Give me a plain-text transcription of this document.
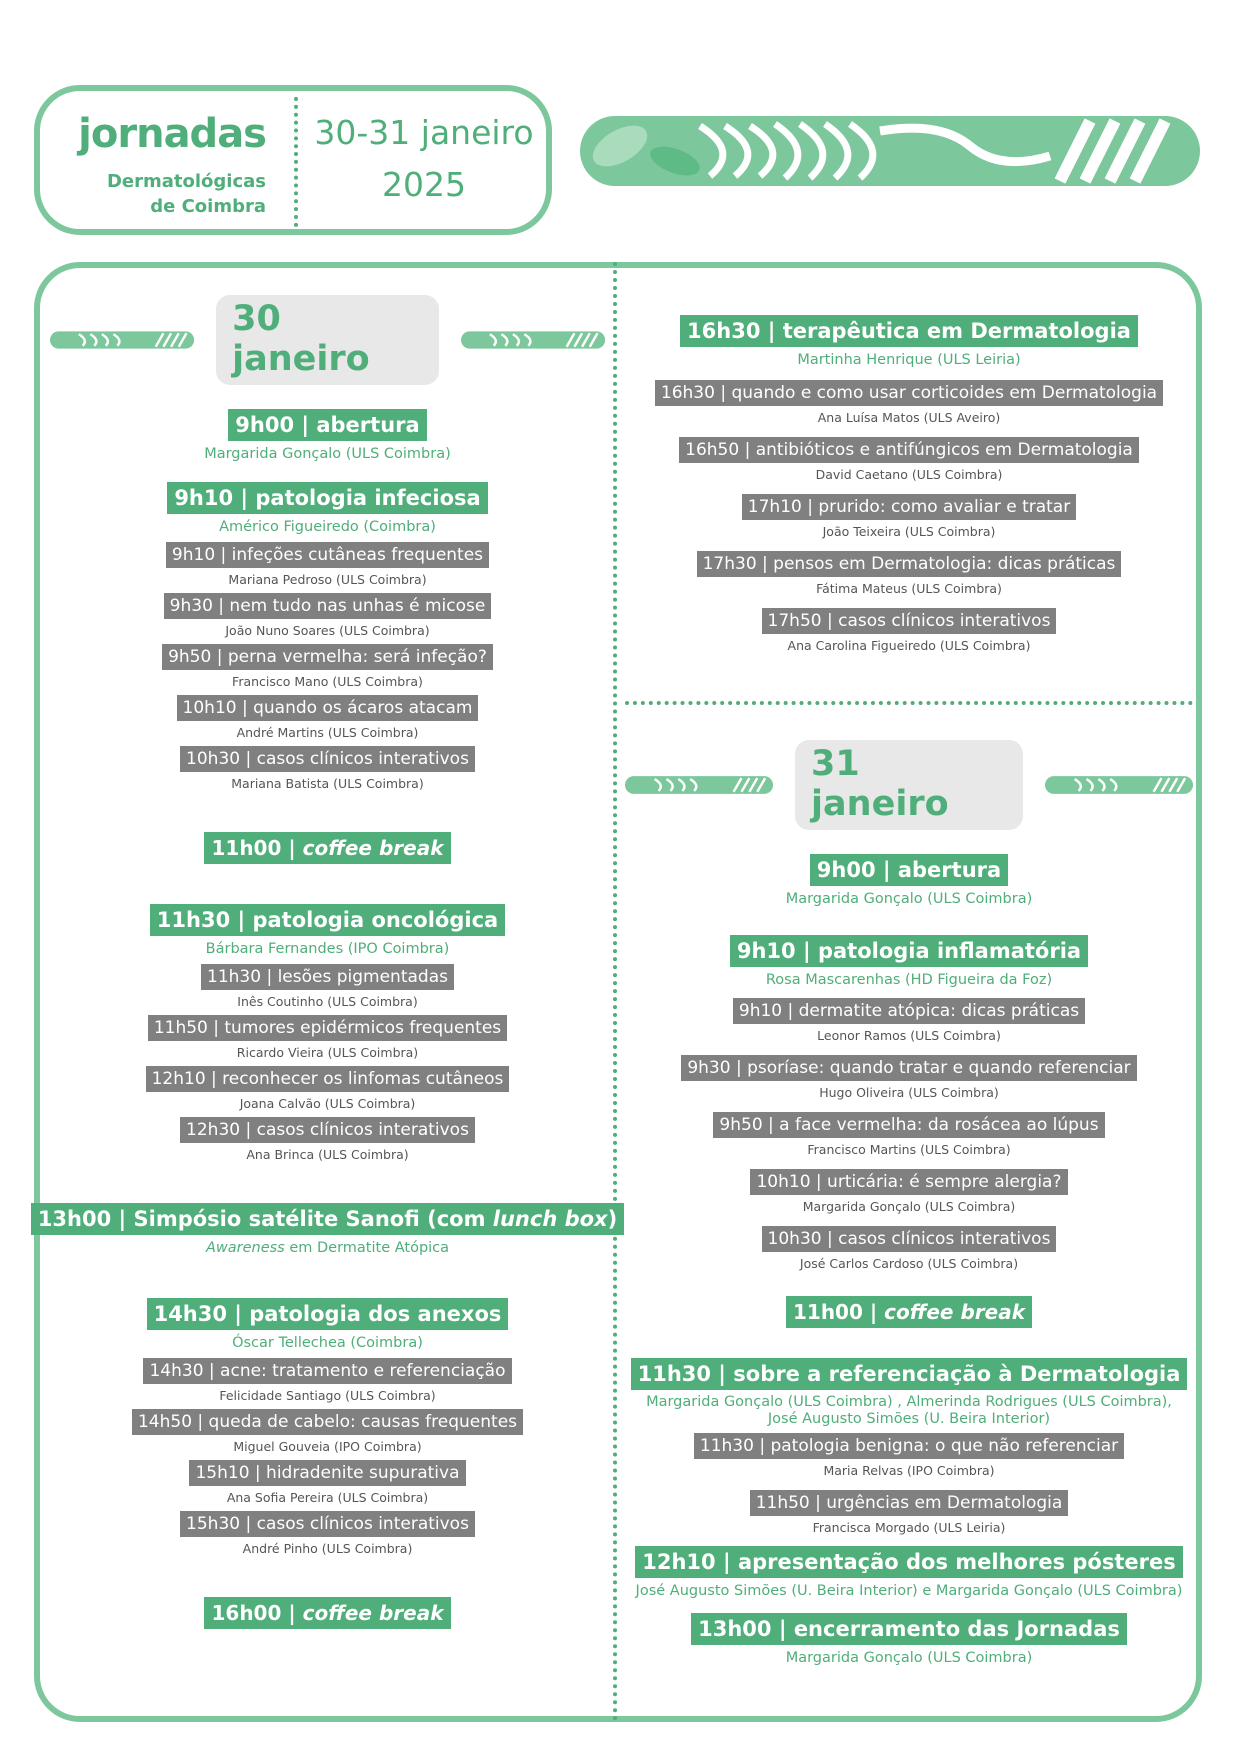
jornadas
Dermatológicas
de Coimbra
30-31 janeiro
2025
30 janeiro
9h00 | abertura
Margarida Gonçalo (ULS Coimbra)
9h10 | patologia infeciosa
Américo Figueiredo (Coimbra)
9h10 | infeções cutâneas frequentes
Mariana Pedroso (ULS Coimbra)
9h30 | nem tudo nas unhas é micose
João Nuno Soares (ULS Coimbra)
9h50 | perna vermelha: será infeção?
Francisco Mano (ULS Coimbra)
10h10 | quando os ácaros atacam
André Martins (ULS Coimbra)
10h30 | casos clínicos interativos
Mariana Batista (ULS Coimbra)
11h00 | coffee break
11h30 | patologia oncológica
Bárbara Fernandes (IPO Coimbra)
11h30 | lesões pigmentadas
Inês Coutinho (ULS Coimbra)
11h50 | tumores epidérmicos frequentes
Ricardo Vieira (ULS Coimbra)
12h10 | reconhecer os linfomas cutâneos
Joana Calvão (ULS Coimbra)
12h30 | casos clínicos interativos
Ana Brinca (ULS Coimbra)
13h00 | Simpósio satélite Sanofi (com lunch box)
Awareness em Dermatite Atópica
14h30 | patologia dos anexos
Óscar Tellechea (Coimbra)
14h30 | acne: tratamento e referenciação
Felicidade Santiago (ULS Coimbra)
14h50 | queda de cabelo: causas frequentes
Miguel Gouveia (IPO Coimbra)
15h10 | hidradenite supurativa
Ana Sofia Pereira (ULS Coimbra)
15h30 | casos clínicos interativos
André Pinho (ULS Coimbra)
16h00 | coffee break
16h30 | terapêutica em Dermatologia
Martinha Henrique (ULS Leiria)
16h30 | quando e como usar corticoides em Dermatologia
Ana Luísa Matos (ULS Aveiro)
16h50 | antibióticos e antifúngicos em Dermatologia
David Caetano (ULS Coimbra)
17h10 | prurido: como avaliar e tratar
João Teixeira (ULS Coimbra)
17h30 | pensos em Dermatologia: dicas práticas
Fátima Mateus (ULS Coimbra)
17h50 | casos clínicos interativos
Ana Carolina Figueiredo (ULS Coimbra)
31 janeiro
9h00 | abertura
Margarida Gonçalo (ULS Coimbra)
9h10 | patologia inflamatória
Rosa Mascarenhas (HD Figueira da Foz)
9h10 | dermatite atópica: dicas práticas
Leonor Ramos (ULS Coimbra)
9h30 | psoríase: quando tratar e quando referenciar
Hugo Oliveira (ULS Coimbra)
9h50 | a face vermelha: da rosácea ao lúpus
Francisco Martins (ULS Coimbra)
10h10 | urticária: é sempre alergia?
Margarida Gonçalo (ULS Coimbra)
10h30 | casos clínicos interativos
José Carlos Cardoso (ULS Coimbra)
11h00 | coffee break
11h30 | sobre a referenciação à Dermatologia
Margarida Gonçalo (ULS Coimbra) , Almerinda Rodrigues (ULS Coimbra),
José Augusto Simões (U. Beira Interior)
11h30 | patologia benigna: o que não referenciar
Maria Relvas (IPO Coimbra)
11h50 | urgências em Dermatologia
Francisca Morgado (ULS Leiria)
12h10 | apresentação dos melhores pósteres
José Augusto Simões (U. Beira Interior) e Margarida Gonçalo (ULS Coimbra)
13h00 | encerramento das Jornadas
Margarida Gonçalo (ULS Coimbra)
